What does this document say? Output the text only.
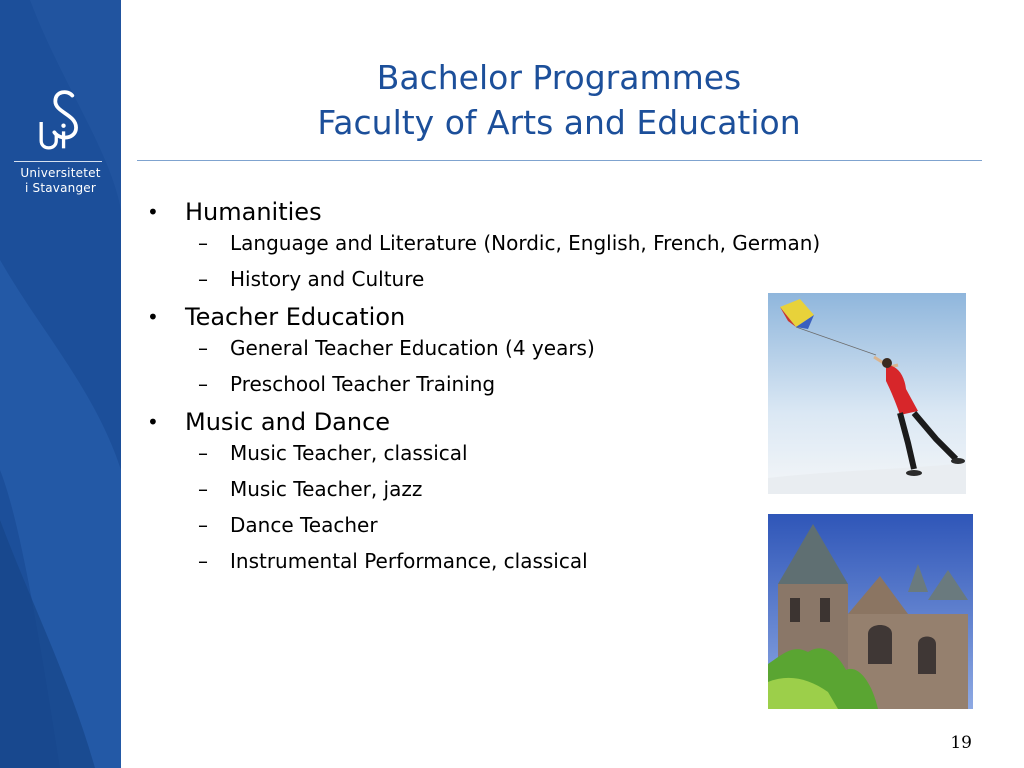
Universitetet
i Stavanger
Bachelor Programmes
Faculty of Arts and Education
• Humanities
– Language and Literature (Nordic, English, French, German)
– History and Culture
• Teacher Education
– General Teacher Education (4 years)
– Preschool Teacher Training
• Music and Dance
– Music Teacher, classical
– Music Teacher, jazz
– Dance Teacher
– Instrumental Performance, classical
19
